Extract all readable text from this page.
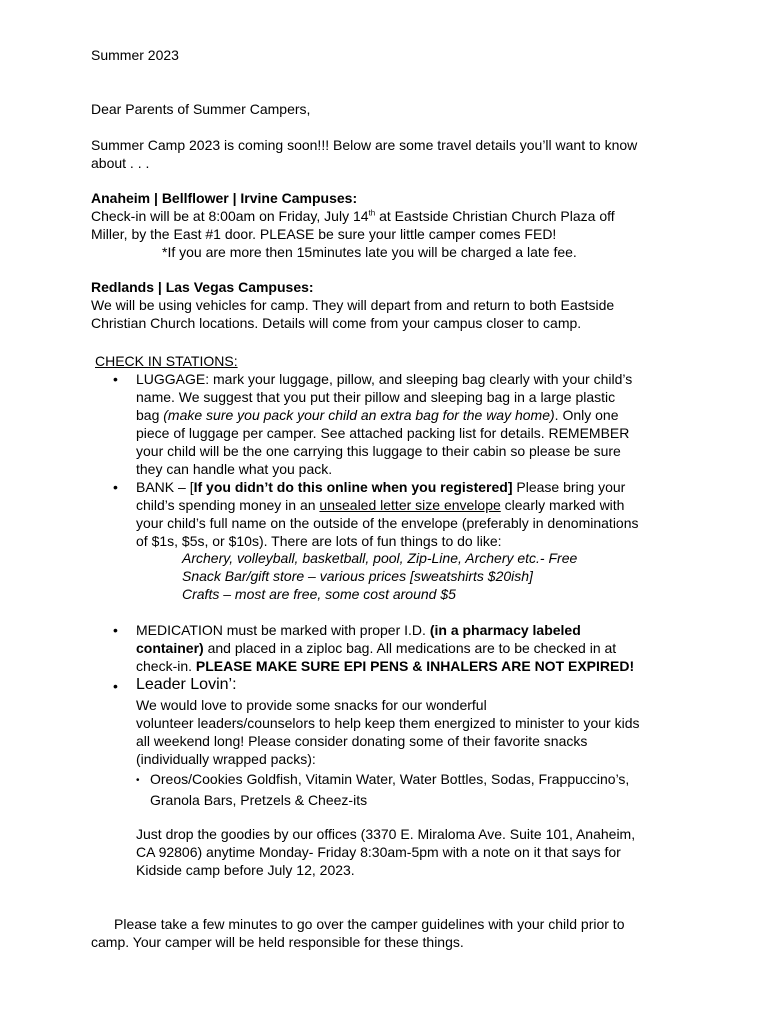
Summer 2023
Dear Parents of Summer Campers,
Summer Camp 2023 is coming soon!!! Below are some travel details you’ll want to know about . . .
Anaheim | Bellflower | Irvine Campuses:
Check-in will be at 8:00am on Friday, July 14th at Eastside Christian Church Plaza off
Miller, by the East #1 door. PLEASE be sure your little camper comes FED!
*If you are more then 15minutes late you will be charged a late fee.
Redlands | Las Vegas Campuses:
We will be using vehicles for camp. They will depart from and return to both Eastside Christian Church locations. Details will come from your campus closer to camp.
CHECK IN STATIONS:
•	LUGGAGE: mark your luggage, pillow, and sleeping bag clearly with your child’s
name. We suggest that you put their pillow and sleeping bag in a large plastic
bag (make sure you pack your child an extra bag for the way home). Only one
piece of luggage per camper. See attached packing list for details. REMEMBER
your child will be the one carrying this luggage to their cabin so please be sure
they can handle what you pack.
•	BANK – [If you didn’t do this online when you registered] Please bring your
child’s spending money in an unsealed letter size envelope clearly marked with
your child’s full name on the outside of the envelope (preferably in denominations
of $1s, $5s, or $10s). There are lots of fun things to do like:
Archery, volleyball, basketball, pool, Zip-Line, Archery etc.- Free
Snack Bar/gift store – various prices [sweatshirts $20ish]
Crafts – most are free, some cost around $5
•	MEDICATION must be marked with proper I.D. (in a pharmacy labeled
container) and placed in a ziploc bag. All medications are to be checked in at
check-in. PLEASE MAKE SURE EPI PENS & INHALERS ARE NOT EXPIRED!
•	Leader Lovin’:
We would love to provide some snacks for our wonderful
volunteer leaders/counselors to help keep them energized to minister to your kids
all weekend long! Please consider donating some of their favorite snacks
(individually wrapped packs):
• Oreos/Cookies Goldfish, Vitamin Water, Water Bottles, Sodas, Frappuccino’s,
Granola Bars, Pretzels & Cheez-its
Just drop the goodies by our offices (3370 E. Miraloma Ave. Suite 101, Anaheim,
CA 92806) anytime Monday- Friday 8:30am-5pm with a note on it that says for
Kidside camp before July 12, 2023.
Please take a few minutes to go over the camper guidelines with your child prior to
camp. Your camper will be held responsible for these things.
